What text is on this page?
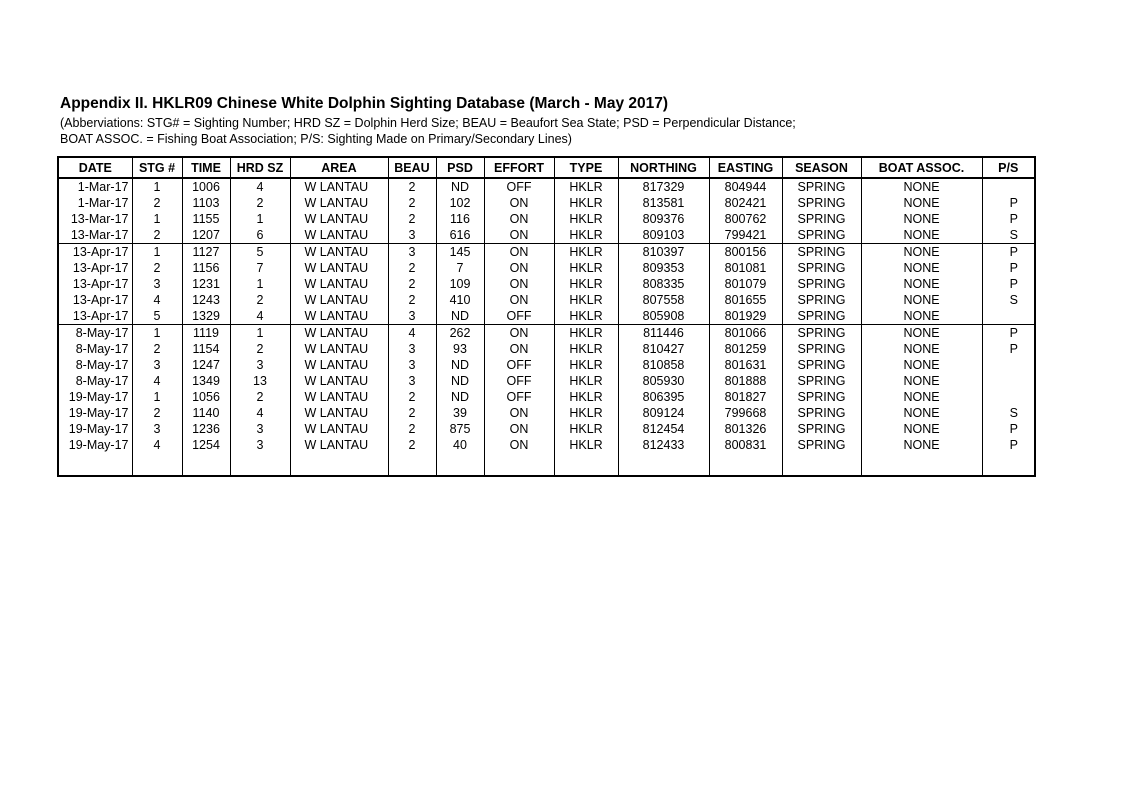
Appendix II. HKLR09 Chinese White Dolphin Sighting Database (March - May 2017)
(Abberviations: STG# = Sighting Number; HRD SZ = Dolphin Herd Size; BEAU = Beaufort Sea State; PSD = Perpendicular Distance;
BOAT ASSOC. = Fishing Boat Association; P/S: Sighting Made on Primary/Secondary Lines)
DATE	STG #	TIME	HRD SZ	AREA	BEAU	PSD	EFFORT	TYPE	NORTHING	EASTING	SEASON	BOAT ASSOC.	P/S
1-Mar-17	1	1006	4	W LANTAU	2	ND	OFF	HKLR	817329	804944	SPRING	NONE	
1-Mar-17	2	1103	2	W LANTAU	2	102	ON	HKLR	813581	802421	SPRING	NONE	P
13-Mar-17	1	1155	1	W LANTAU	2	116	ON	HKLR	809376	800762	SPRING	NONE	P
13-Mar-17	2	1207	6	W LANTAU	3	616	ON	HKLR	809103	799421	SPRING	NONE	S
13-Apr-17	1	1127	5	W LANTAU	3	145	ON	HKLR	810397	800156	SPRING	NONE	P
13-Apr-17	2	1156	7	W LANTAU	2	7	ON	HKLR	809353	801081	SPRING	NONE	P
13-Apr-17	3	1231	1	W LANTAU	2	109	ON	HKLR	808335	801079	SPRING	NONE	P
13-Apr-17	4	1243	2	W LANTAU	2	410	ON	HKLR	807558	801655	SPRING	NONE	S
13-Apr-17	5	1329	4	W LANTAU	3	ND	OFF	HKLR	805908	801929	SPRING	NONE	
8-May-17	1	1119	1	W LANTAU	4	262	ON	HKLR	811446	801066	SPRING	NONE	P
8-May-17	2	1154	2	W LANTAU	3	93	ON	HKLR	810427	801259	SPRING	NONE	P
8-May-17	3	1247	3	W LANTAU	3	ND	OFF	HKLR	810858	801631	SPRING	NONE	
8-May-17	4	1349	13	W LANTAU	3	ND	OFF	HKLR	805930	801888	SPRING	NONE	
19-May-17	1	1056	2	W LANTAU	2	ND	OFF	HKLR	806395	801827	SPRING	NONE	
19-May-17	2	1140	4	W LANTAU	2	39	ON	HKLR	809124	799668	SPRING	NONE	S
19-May-17	3	1236	3	W LANTAU	2	875	ON	HKLR	812454	801326	SPRING	NONE	P
19-May-17	4	1254	3	W LANTAU	2	40	ON	HKLR	812433	800831	SPRING	NONE	P
